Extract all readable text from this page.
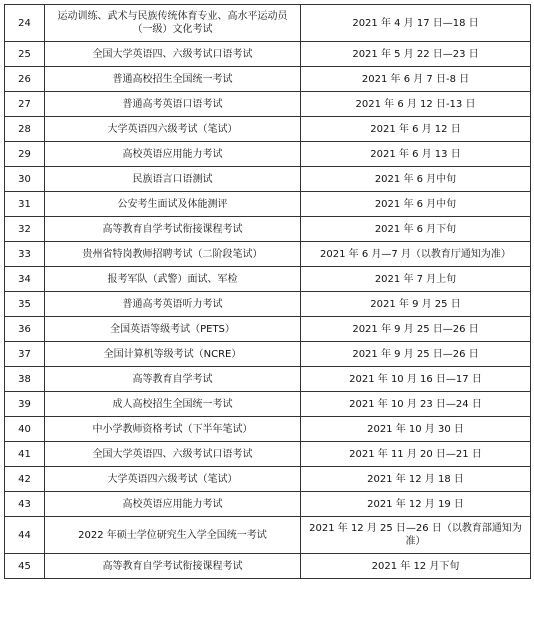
24	运动训练、武术与民族传统体育专业、高水平运动员（一级）文化考试	2021 年 4 月 17 日—18 日
25	全国大学英语四、六级考试口语考试	2021 年 5 月 22 日—23 日
26	普通高校招生全国统一考试	2021 年 6 月 7 日-8 日
27	普通高考英语口语考试	2021 年 6 月 12 日-13 日
28	大学英语四六级考试（笔试）	2021 年 6 月 12 日
29	高校英语应用能力考试	2021 年 6 月 13 日
30	民族语言口语测试	2021 年 6 月中旬
31	公安考生面试及体能测评	2021 年 6 月中旬
32	高等教育自学考试衔接课程考试	2021 年 6 月下旬
33	贵州省特岗教师招聘考试（二阶段笔试）	2021 年 6 月—7 月（以教育厅通知为准）
34	报考军队（武警）面试、军检	2021 年 7 月上旬
35	普通高考英语听力考试	2021 年 9 月 25 日
36	全国英语等级考试（PETS）	2021 年 9 月 25 日—26 日
37	全国计算机等级考试（NCRE）	2021 年 9 月 25 日—26 日
38	高等教育自学考试	2021 年 10 月 16 日—17 日
39	成人高校招生全国统一考试	2021 年 10 月 23 日—24 日
40	中小学教师资格考试（下半年笔试）	2021 年 10 月 30 日
41	全国大学英语四、六级考试口语考试	2021 年 11 月 20 日—21 日
42	大学英语四六级考试（笔试）	2021 年 12 月 18 日
43	高校英语应用能力考试	2021 年 12 月 19 日
44	2022 年硕士学位研究生入学全国统一考试	2021 年 12 月 25 日—26 日（以教育部通知为准）
45	高等教育自学考试衔接课程考试	2021 年 12 月下旬
